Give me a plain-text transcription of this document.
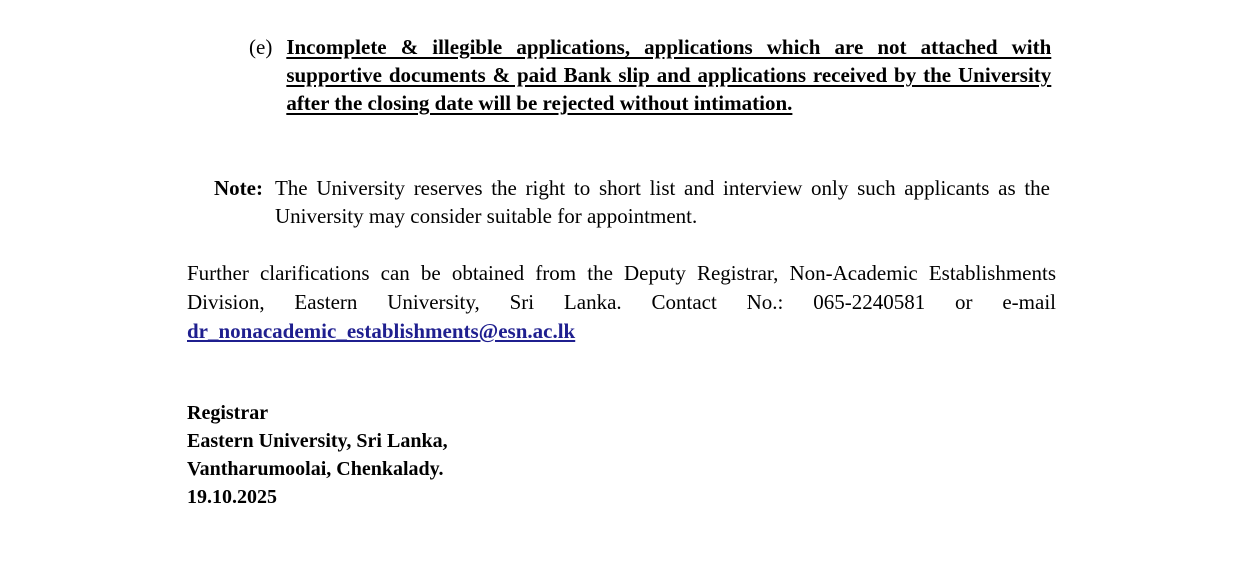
(e) Incomplete & illegible applications, applications which are not attached with supportive documents & paid Bank slip and applications received by the University after the closing date will be rejected without intimation.
Note: The University reserves the right to short list and interview only such applicants as the University may consider suitable for appointment.
Further clarifications can be obtained from the Deputy Registrar, Non-Academic Establishments Division, Eastern University, Sri Lanka. Contact No.: 065-2240581 or e-mail dr_nonacademic_establishments@esn.ac.lk
Registrar
Eastern University, Sri Lanka,
Vantharumoolai, Chenkalady.
19.10.2025
